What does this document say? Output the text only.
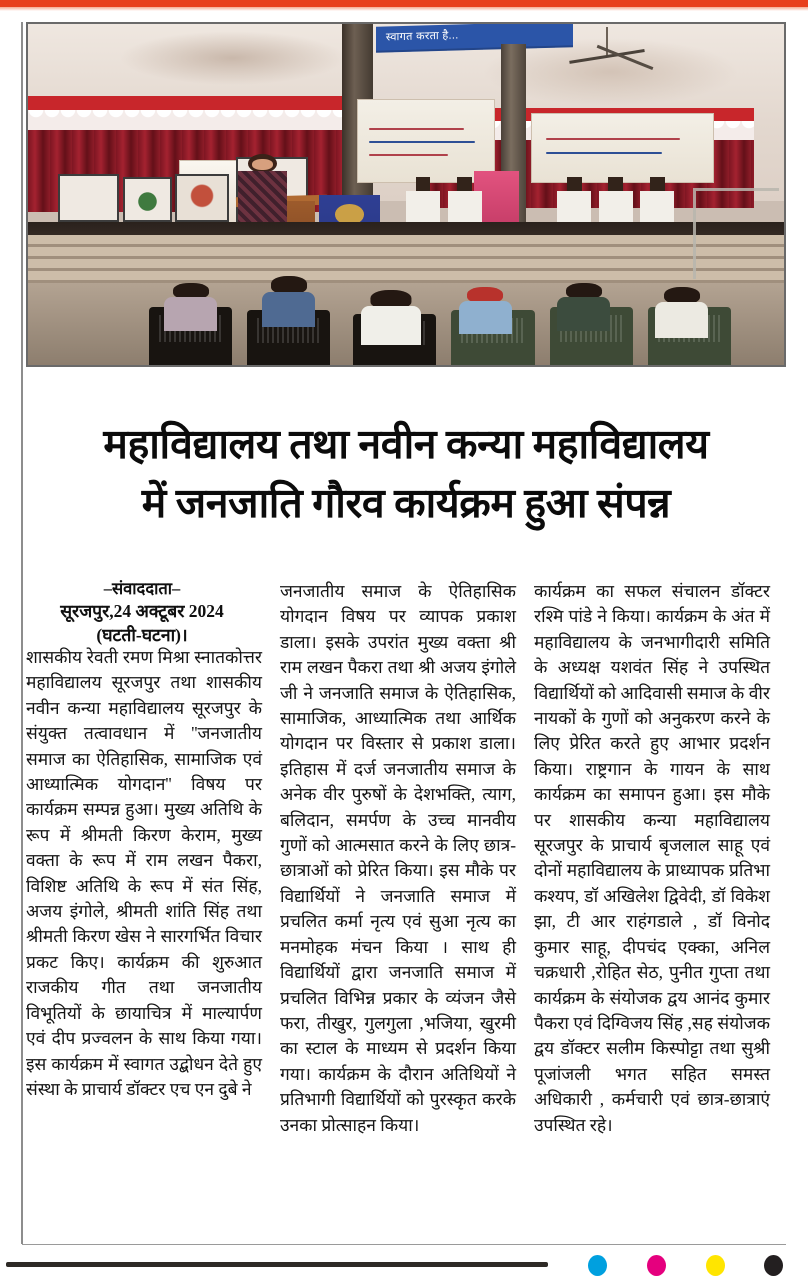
स्वागत करता है...
महाविद्यालय तथा नवीन कन्या महाविद्यालय
में जनजाति गौरव कार्यक्रम हुआ संपन्न
–संवाददाता–
सूरजपुर,24 अक्टूबर 2024
(घटती-घटना)।

शासकीय रेवती रमण मिश्रा स्नातकोत्तर महाविद्यालय सूरजपुर तथा शासकीय नवीन कन्या महाविद्यालय सूरजपुर के संयुक्त तत्वावधान में ''जनजातीय समाज का ऐतिहासिक, सामाजिक एवं आध्यात्मिक योगदान'' विषय पर कार्यक्रम सम्पन्न हुआ। मुख्य अतिथि के रूप में श्रीमती किरण केराम, मुख्य वक्ता के रूप में राम लखन पैकरा, विशिष्ट अतिथि के रूप में संत सिंह, अजय इंगोले, श्रीमती शांति सिंह तथा श्रीमती किरण खेस ने सारगर्भित विचार प्रकट किए। कार्यक्रम की शुरुआत राजकीय गीत तथा जनजातीय विभूतियों के छायाचित्र में माल्यार्पण एवं दीप प्रज्वलन के साथ किया गया। इस कार्यक्रम में स्वागत उद्बोधन देते हुए संस्था के प्राचार्य डॉक्टर एच एन दुबे ने

जनजातीय समाज के ऐतिहासिक योगदान विषय पर व्यापक प्रकाश डाला। इसके उपरांत मुख्य वक्ता श्री राम लखन पैकरा तथा श्री अजय इंगोले जी ने जनजाति समाज के ऐतिहासिक, सामाजिक, आध्यात्मिक तथा आर्थिक योगदान पर विस्तार से प्रकाश डाला। इतिहास में दर्ज जनजातीय समाज के अनेक वीर पुरुषों के देशभक्ति, त्याग, बलिदान, समर्पण के उच्च मानवीय गुणों को आत्मसात करने के लिए छात्र-छात्राओं को प्रेरित किया। इस मौके पर विद्यार्थियों ने जनजाति समाज में प्रचलित कर्मा नृत्य एवं सुआ नृत्य का मनमोहक मंचन किया । साथ ही विद्यार्थियों द्वारा जनजाति समाज में प्रचलित विभिन्न प्रकार के व्यंजन जैसे फरा, तीखुर, गुलगुला ,भजिया, खुरमी का स्टाल के माध्यम से प्रदर्शन किया गया। कार्यक्रम के दौरान अतिथियों ने प्रतिभागी विद्यार्थियों को पुरस्कृत करके उनका प्रोत्साहन किया।

कार्यक्रम का सफल संचालन डॉक्टर रश्मि पांडे ने किया। कार्यक्रम के अंत में महाविद्यालय के जनभागीदारी समिति के अध्यक्ष यशवंत सिंह ने उपस्थित विद्यार्थियों को आदिवासी समाज के वीर नायकों के गुणों को अनुकरण करने के लिए प्रेरित करते हुए आभार प्रदर्शन किया। राष्ट्रगान के गायन के साथ कार्यक्रम का समापन हुआ। इस मौके पर शासकीय कन्या महाविद्यालय सूरजपुर के प्राचार्य बृजलाल साहू एवं दोनों महाविद्यालय के प्राध्यापक प्रतिभा कश्यप, डॉ अखिलेश द्विवेदी, डॉ विकेश झा, टी आर राहंगडाले , डॉ विनोद कुमार साहू, दीपचंद एक्का, अनिल चक्रधारी ,रोहित सेठ, पुनीत गुप्ता तथा कार्यक्रम के संयोजक द्वय आनंद कुमार पैकरा एवं दिग्विजय सिंह ,सह संयोजक द्वय डॉक्टर सलीम किस्पोट्टा तथा सुश्री पूजांजली भगत सहित समस्त अधिकारी , कर्मचारी एवं छात्र-छात्राएं उपस्थित रहे।
